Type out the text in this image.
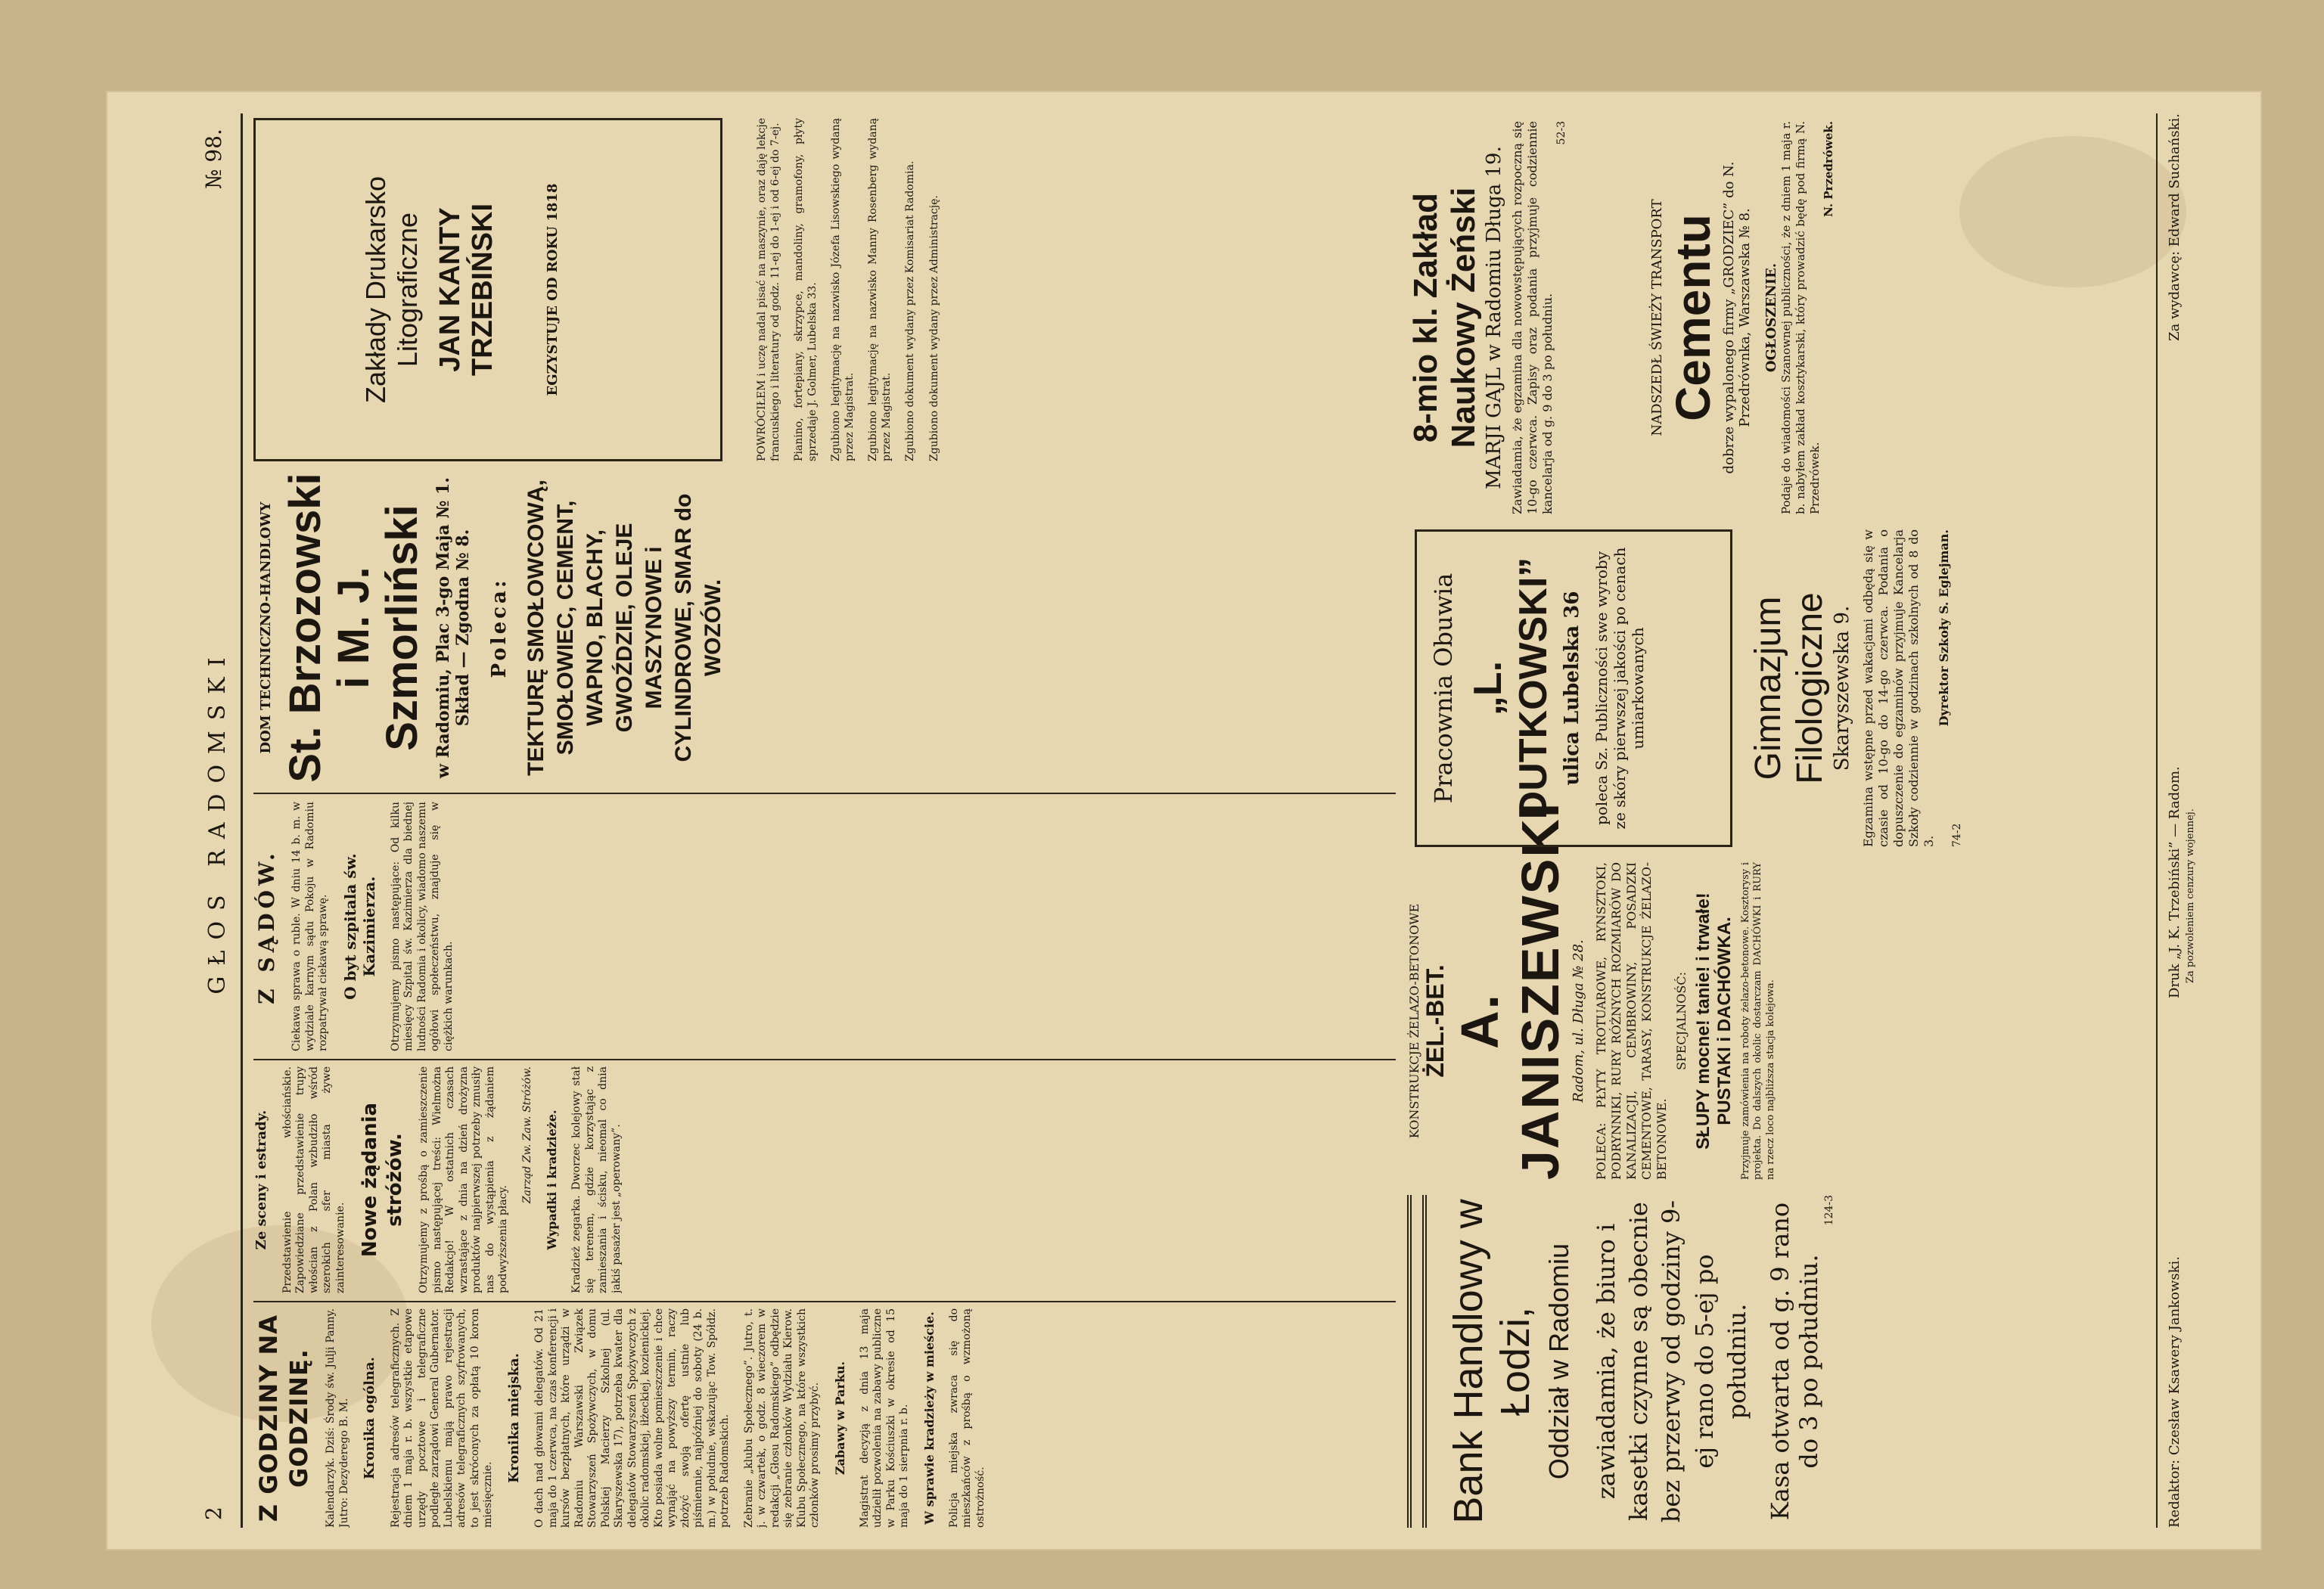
2
GŁOS RADOMSKI
№ 98.
Z GODZINY NA GODZINĘ. Kalendarzyk. Dziś: Środy św. Julji Panny. Jutro: Dezyderego B. M. Kronika ogólna. Rejestracja adresów telegraficznych. Z dniem 1 maja r. b. wszystkie etapowe urzędy pocztowe i telegraficzne podległe zarządowi General Gubernator. Lubelskiemu mają prawo rejestracji adresów telegraficznych szyfrowanych, to jest skróconych za opłatą 10 koron miesięcznie.

Kronika miejska. O dach nad głowami delegatów. Od 21 maja do 1 czerwca, na czas konferencji i kursów bezpłatnych, które urządzi w Radomiu Warszawski Związek Stowarzyszeń Spożywczych, w domu Polskiej Macierzy Szkolnej (ul. Skaryszewska 17), potrzeba kwater dla delegatów Stowarzyszeń Spożywczych z okolic radomskiej, iłżeckiej, kozienickiej. Kto posiada wolne pomieszczenie i chce wynająć na powyższy termin, raczy złożyć swoją ofertę ustnie lub piśmiennie, najpóźniej do soboty (24 b. m.) w południe, wskazując Tow. Spółdz. potrzeb Radomskich. Zebranie „klubu Społecznego”. Jutro, t. j. w czwartek, o godz. 8 wieczorem w redakcji „Głosu Radomskiego” odbędzie się zebranie członków Wydziału Kierow. Klubu Społecznego, na które wszystkich członków prosimy przybyć. Zabawy w Parku. Magistrat decyzją z dnia 13 maja udzielił pozwolenia na zabawy publiczne w Parku Kościuszki w okresie od 15 maja do 1 sierpnia r. b. W sprawie kradzieży w mieście. Policja miejska zwraca się do mieszkańców z prośbą o wzmożoną ostrożność.

Ze sceny i estrady. Przedstawienie włościańskie. Zapowiedziane przedstawienie trupy włościan z Polan wzbudziło wśród szerokich sfer miasta żywe zainteresowanie. Nowe żądania stróżów. Otrzymujemy z prośbą o zamieszczenie pismo następującej treści: Wielmożna Redakcjo! W ostatnich czasach wzrastające z dnia na dzień drożyzna produktów najpierwszej potrzeby zmusiły nas do wystąpienia z żądaniem podwyższenia płacy.

Zarząd Zw. Zaw. Stróżów. Wypadki i kradzieże. Kradzież zegarka. Dworzec kolejowy stał się terenem, gdzie korzystając z zamieszania i ścisku, nieomal co dnia jakiś pasażer jest „operowany”.

Z SĄDÓW. Ciekawa sprawa o ruble. W dniu 14 b. m. w wydziale karnym sądu Pokoju w Radomiu rozpatrywał ciekawą sprawę. O byt szpitala św. Kazimierza. Otrzymujemy pismo następujące: Od kilku miesięcy Szpital św. Kazimierza dla biednej ludności Radomia i okolicy, wiadomo naszemu ogółowi społeczeństwu, znajduje się w ciężkich warunkach.

DOM TECHNICZNO-HANDLOWY St. Brzozowski i M. J. Szmorliński w Radomiu, Plac 3-go Maja № 1. Skład — Zgodna № 8. Poleca: TEKTURĘ SMOŁOWCOWĄ, SMOŁOWIEC, CEMENT, WAPNO, BLACHY, GWOŹDZIE, OLEJE MASZYNOWE i CYLINDROWE, SMAR do WOZÓW.
Redaktor: Czesław Ksawery Jankowski.
Druk „J. K. Trzebiński” — Radom. Za pozwoleniem cenzury wojennej.
Za wydawcę: Edward Suchański.
Zakłady Drukarsko Litograficzne JAN KANTY TRZEBIŃSKI	EGZYSTUJE OD ROKU 1818	POWRÓCIŁEM i uczę nadal pisać na maszynie, oraz daję lekcje francuskiego i literatury od godz. 11-ej do 1-ej i od 6-ej do 7-ej. Pianino, fortepiany, skrzypce, mandoliny, gramofony, płyty sprzedaje J. Golmer, Lubelska 33. Zgubiono legitymację na nazwisko Józefa Lisowskiego wydaną przez Magistrat. Zgubiono legitymację na nazwisko Manny Rosenberg wydaną przez Magistrat. Zgubiono dokument wydany przez Komisariat Radomia. Zgubiono dokument wydany przez Administrację.

Bank Handlowy w Łodzi, Oddział w Radomiu zawiadamia, że biuro i kasetki czynne są obecnie bez przerwy od godziny 9-ej rano do 5-ej po południu. Kasa otwarta od g. 9 rano do 3 po południu.
124-3
KONSTRUKCJE ŻELAZO-BETONOWE ŻEL.-BET. A. JANISZEWSKI Radom, ul. Długa № 28. POLECA: PŁYTY TROTUAROWE, RYNSZTOKI, PODRYNNIKI, RURY RÓŻNYCH ROZMIARÓW DO KANALIZACJI, CEMBROWINY, POSADZKI CEMENTOWE, TARASY, KONSTRUKCJE ŻELAZO-BETONOWE.
SPECJALNOŚĆ: SŁUPY mocne! tanie! i trwałe! PUSTAKI i DACHÓWKA. Przyjmuje zamówienia na roboty żelazo-betonowe. Kosztorysy i projekta. Do dalszych okolic dostarczam DACHÓWKI i RURY na rzecz loco najbliższa stacja kolejowa.
Pracownia Obuwia „L. DUTKOWSKI” ulica Lubelska 36 poleca Sz. Publiczności swe wyroby ze skóry pierwszej jakości po cenach umiarkowanych	Gimnazjum Filologiczne Skaryszewska 9. Egzamina wstępne przed wakacjami odbędą się w czasie od 10-go do 14-go czerwca. Podania o dopuszczenie do egzaminów przyjmuje Kancelarja Szkoły codziennie w godzinach szkolnych od 8 do 3.
Dyrektor Szkoły S. Eglejman.
74-2
8-mio kl. Zakład Naukowy Żeński MARJI GAJL w Radomiu Długa 19. Zawiadamia, że egzamina dla nowowstępujących rozpoczną się 10-go czerwca. Zapisy oraz podania przyjmuje codziennie kancelarja od g. 9 do 3 po południu.
52-3
NADSZEDŁ ŚWIEŻY TRANSPORT Cementu dobrze wypalonego firmy „GRODZIEC” do N. Przedrównka, Warszawska № 8. OGŁOSZENIE. Podaje do wiadomości Szanownej publiczności, że z dniem 1 maja r. b. nabyłem zakład kosztykarski, który prowadzić będę pod firmą N. Przedrówek.
N. Przedrówek.
